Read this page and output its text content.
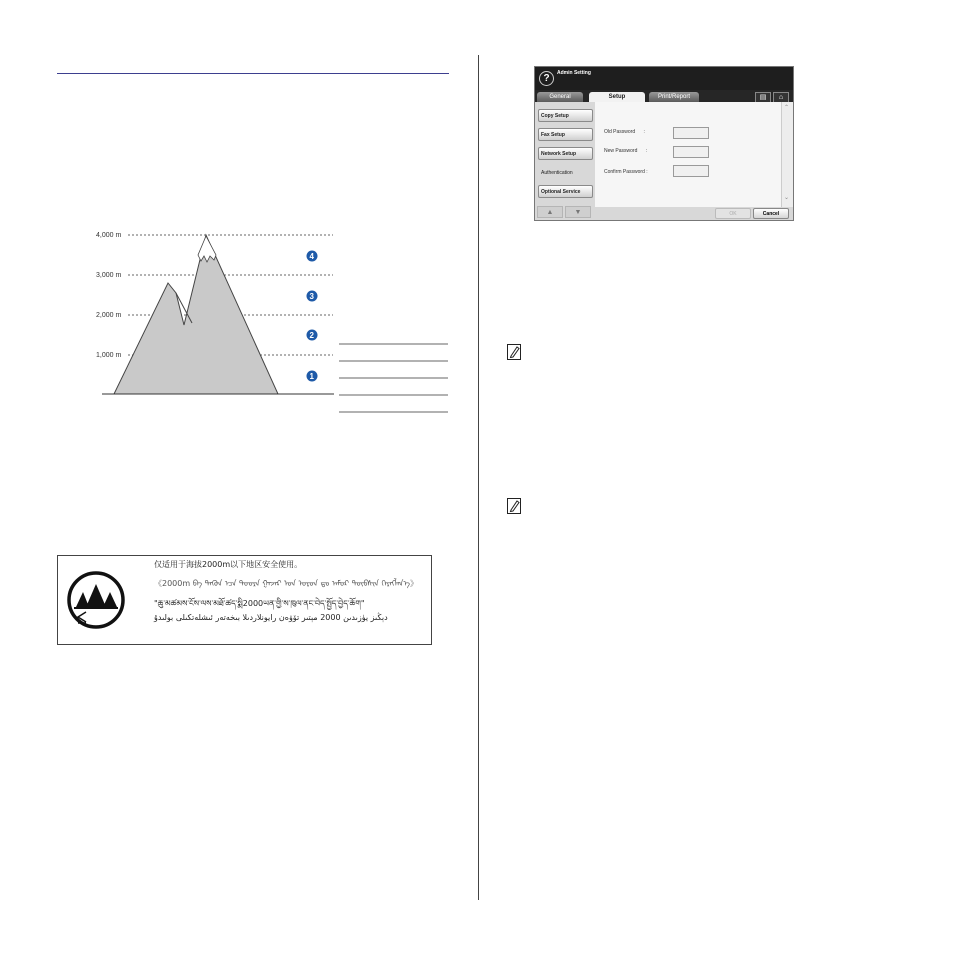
4,000 m
3,000 m
2,000 m
1,000 m
4
3
2
1
仅适用于海拔2000m以下地区安全使用。
《2000m ᠪᠠ ᠲᠡᠭᠦᠨ ᠡᠴᠡ ᠳᠤᠤᠷᠠ ᠭᠠᠵᠠᠷ ᠤᠨ ᠣᠷᠣᠨ ᠳᠤ ᠠᠮᠤᠷ ᠳᠦᠪᠰᠢᠨ ᠬᠡᠷᠡᠭᠯᠡᠨ᠎ᠡ》
"ཆུ་མཚམས་ངོས་ལས་མཐོ་ཚད་སྨི2000ཡན་གྱི་ས་ཁུལ་ནང་བེད་སྤྱོད་བྱེད་ཆོག"
دېڭىز يۈزىدىن 2000 مېتىر تۆۋەن رايونلاردىلا بىخەتەر ئىشلەتكىلى بولىدۇ
?	Admin Setting
General	Setup	Print/Report	▤	⌂
Copy Setup
Fax Setup
Network Setup
Authentication
Optional Service
▲	▼
Old Password :
New Password :
Confirm Password :
⌃
⌄
OK	Cancel
